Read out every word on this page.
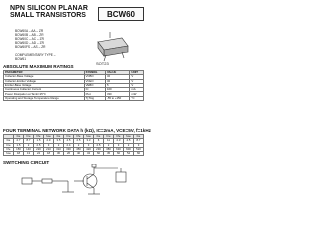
NPN SILICON PLANAR
SMALL TRANSISTORS	BCW60
BCW60A – AA – ZR
BCW60B – AB – ZR
BCW60C – AC – ZR
BCW60D – AD – ZR
BCW60FS – AS – ZR
COMPLEMENTARY TYPE –
BCW61
SOT23
ABSOLUTE MAXIMUM RATINGS
PARAMETER	SYMBOL	VALUE	UNIT
Collector-Base Voltage	VCBO	32	V
Collector-Emitter Voltage	VCEO	32	V
Emitter-Base Voltage	VEBO	5	V
Continuous Collector Current	IC	100	mA
Power Dissipation at Tamb=25°C	Ptot	330	mW
Operating and Storage Temperature Range	Tj;Tstg	-55 to +150	°C
FOUR TERMINAL NETWORK DATA h (kΩ), IC=2mA, VCE=5V, f=1kHz
	hie	hre	hfe	hoe	hie	hre	hfe	hoe	hie	hre	hfe	hoe	hie
hie	2.7	8.7	1.5	2.9	3.5	4.5	2.5	3.3	6	11	2.3	4.5	8.7
hre	1.5	2	2.5	3	2	2.4	2	3	2.5	2	3	2	3
hfe	150	140	220	210	310	330	450	420	230	380	630	600	520
hoe	18	13	24	18	30	26	40	34	60	45	60	54	60
SWITCHING CIRCUIT
